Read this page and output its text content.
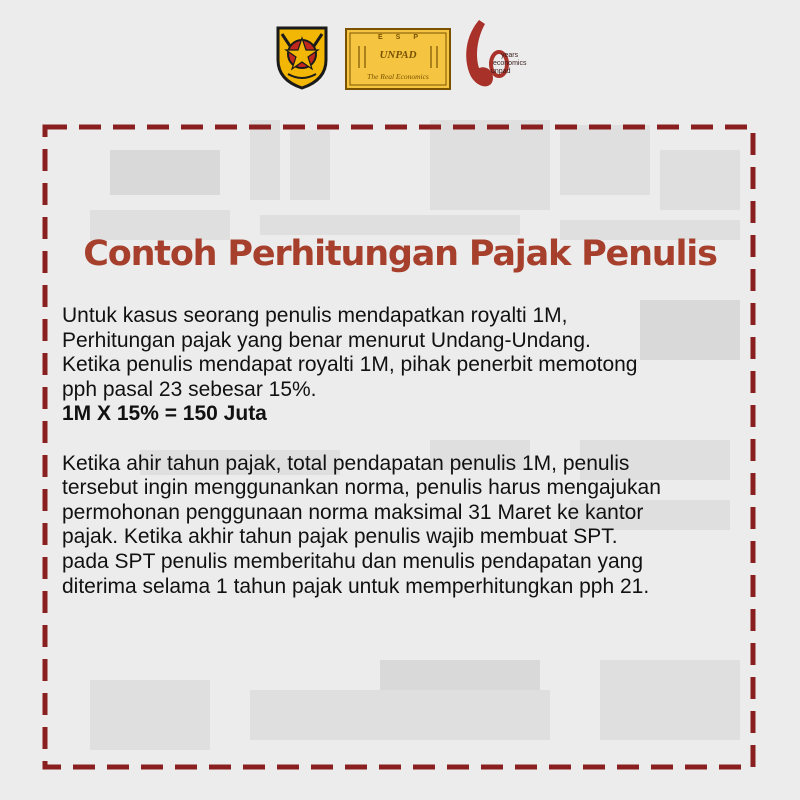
ESP
UNPAD
The Real Economics
years
economics
unpad
Contoh Perhitungan Pajak Penulis
Untuk kasus seorang penulis mendapatkan royalti 1M,
Perhitungan pajak yang benar menurut Undang-Undang.
Ketika penulis mendapat royalti 1M, pihak penerbit memotong
pph pasal 23 sebesar 15%.
1M X 15% = 150 Juta
Ketika ahir tahun pajak, total pendapatan penulis 1M, penulis
tersebut ingin menggunankan norma, penulis harus mengajukan
permohonan penggunaan norma maksimal 31 Maret ke kantor
pajak. Ketika akhir tahun pajak penulis wajib membuat SPT.
pada SPT penulis memberitahu dan menulis pendapatan yang
diterima selama 1 tahun pajak untuk memperhitungkan pph 21.
